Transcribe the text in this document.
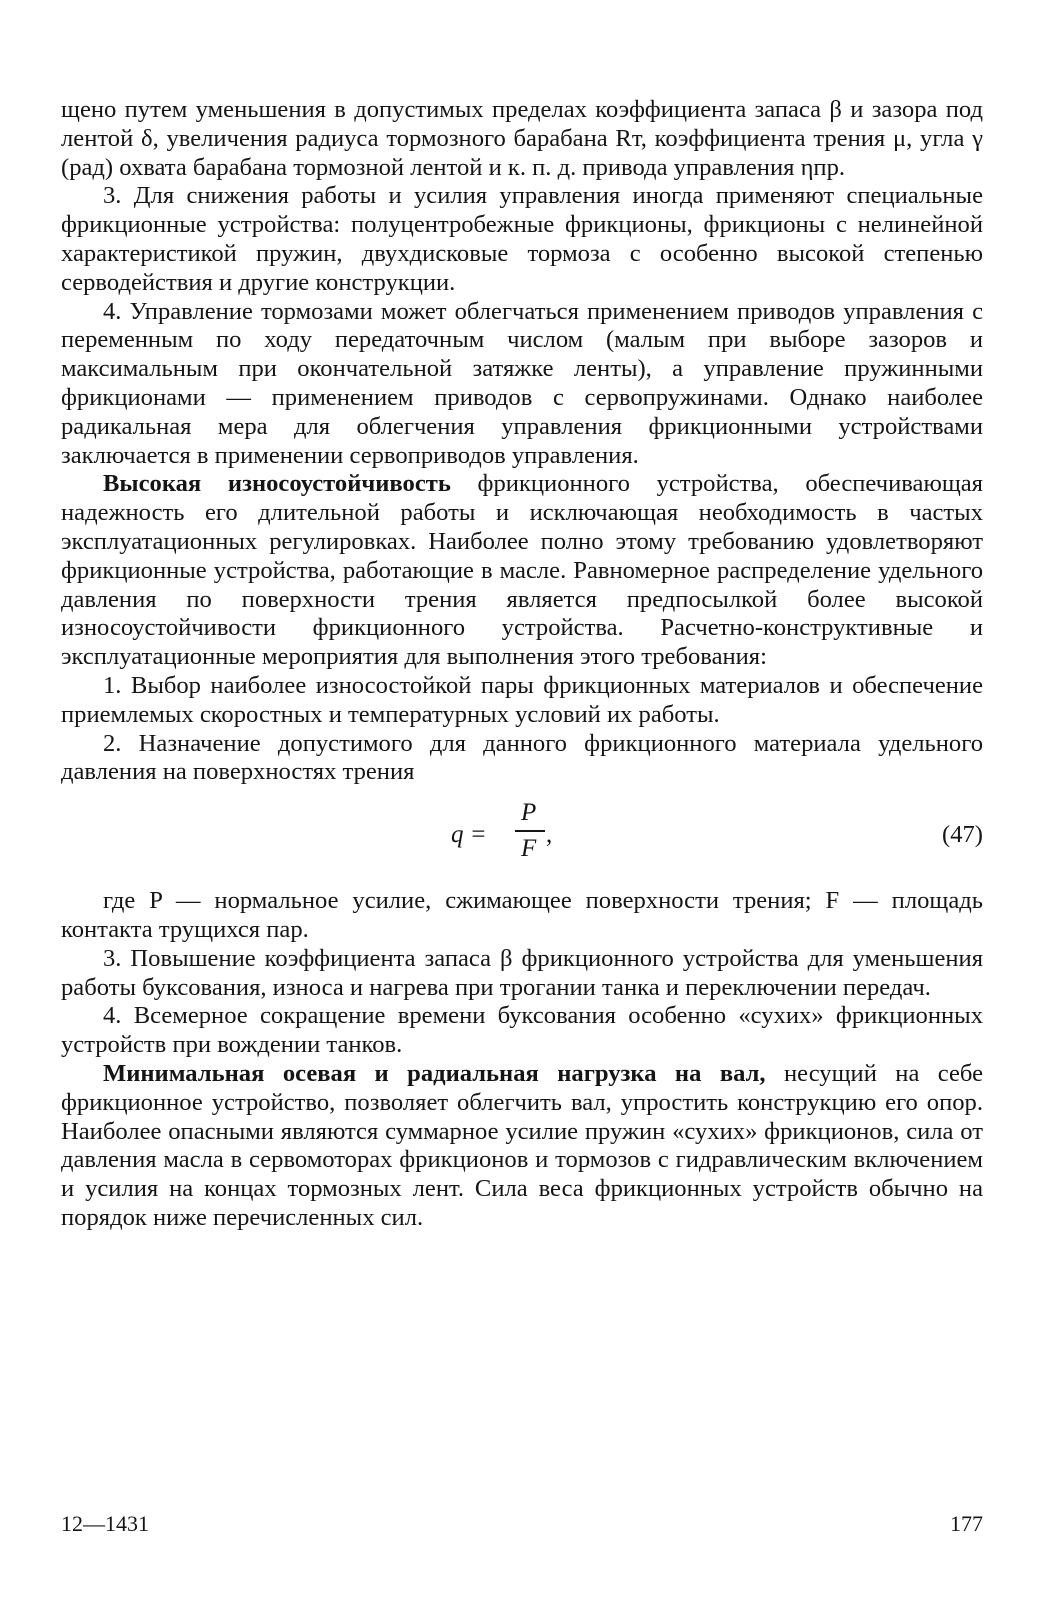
щено путем уменьшения в допустимых пределах коэффициента запаса β и зазора под лентой δ, увеличения радиуса тормозного барабана Rт, коэффициента трения μ, угла γ (рад) охвата барабана тормозной лентой и к. п. д. привода управления ηпр.

3. Для снижения работы и усилия управления иногда применяют специальные фрикционные устройства: полуцентробежные фрикционы, фрикционы с нелинейной характеристикой пружин, двухдисковые тормоза с особенно высокой степенью серводействия и другие конструкции.

4. Управление тормозами может облегчаться применением приводов управления с переменным по ходу передаточным числом (малым при выборе зазоров и максимальным при окончательной затяжке ленты), а управление пружинными фрикционами — применением приводов с сервопружинами. Однако наиболее радикальная мера для облегчения управления фрикционными устройствами заключается в применении сервоприводов управления.

Высокая износоустойчивость фрикционного устройства, обеспечивающая надежность его длительной работы и исключающая необходимость в частых эксплуатационных регулировках. Наиболее полно этому требованию удовлетворяют фрикционные устройства, работающие в масле. Равномерное распределение удельного давления по поверхности трения является предпосылкой более высокой износоустойчивости фрикционного устройства. Расчетно-конструктивные и эксплуатационные мероприятия для выполнения этого требования:

1. Выбор наиболее износостойкой пары фрикционных материалов и обеспечение приемлемых скоростных и температурных условий их работы.

2. Назначение допустимого для данного фрикционного материала удельного давления на поверхностях трения

q =
P
F
,	(47)

где P — нормальное усилие, сжимающее поверхности трения; F — площадь контакта трущихся пар.

3. Повышение коэффициента запаса β фрикционного устройства для уменьшения работы буксования, износа и нагрева при трогании танка и переключении передач.

4. Всемерное сокращение времени буксования особенно «сухих» фрикционных устройств при вождении танков.

Минимальная осевая и радиальная нагрузка на вал, несущий на себе фрикционное устройство, позволяет облегчить вал, упростить конструкцию его опор. Наиболее опасными являются суммарное усилие пружин «сухих» фрикционов, сила от давления масла в сервомоторах фрикционов и тормозов с гидравлическим включением и усилия на концах тормозных лент. Сила веса фрикционных устройств обычно на порядок ниже перечисленных сил.

12—1431	177
